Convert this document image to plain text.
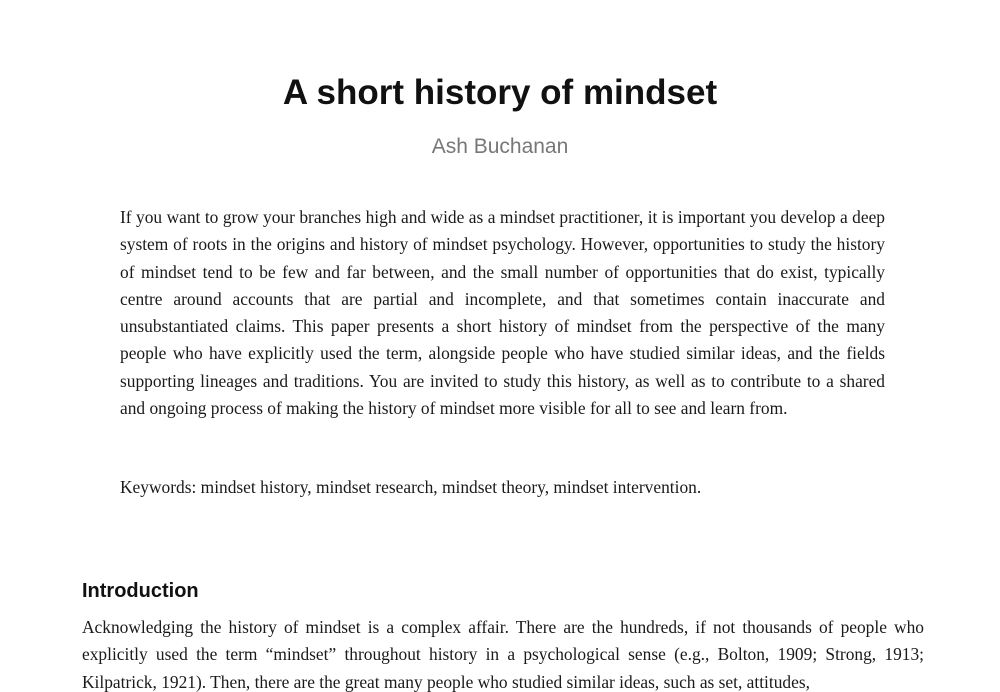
A short history of mindset
Ash Buchanan

If you want to grow your branches high and wide as a mindset practitioner, it is important you develop a deep system of roots in the origins and history of mindset psychology. However, opportunities to study the history of mindset tend to be few and far between, and the small number of opportunities that do exist, typically centre around accounts that are partial and incomplete, and that sometimes contain inaccurate and unsubstantiated claims. This paper presents a short history of mindset from the perspective of the many people who have explicitly used the term, alongside people who have studied similar ideas, and the fields supporting lineages and traditions. You are invited to study this history, as well as to contribute to a shared and ongoing process of making the history of mindset more visible for all to see and learn from.

Keywords: mindset history, mindset research, mindset theory, mindset intervention.

Introduction

Acknowledging the history of mindset is a complex affair. There are the hundreds, if not thousands of people who explicitly used the term “mindset” throughout history in a psychological sense (e.g., Bolton, 1909; Strong, 1913; Kilpatrick, 1921). Then, there are the great many people who studied similar ideas, such as set, attitudes,
